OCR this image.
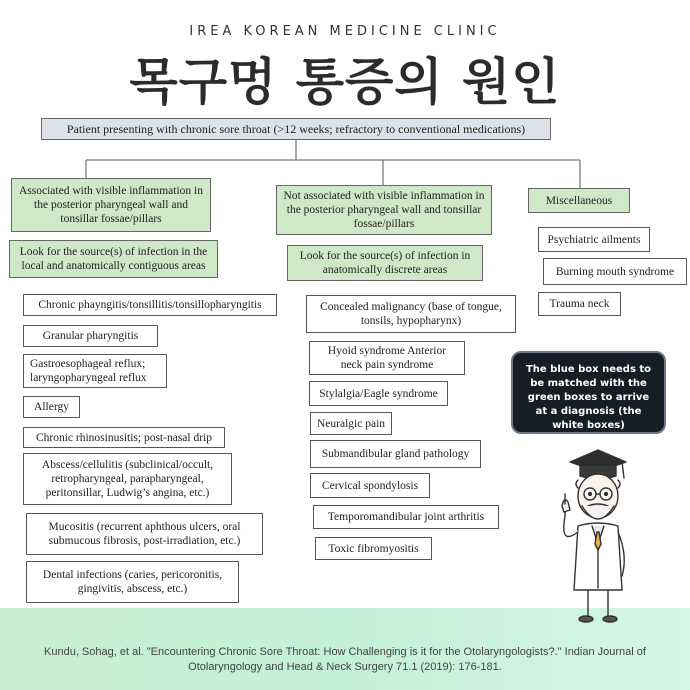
IREA KOREAN MEDICINE CLINIC
목구멍 통증의 원인
Patient presenting with chronic sore throat (>12 weeks; refractory to conventional medications)
Associated with visible inflammation in the posterior pharyngeal wall and tonsillar fossae/pillars
Look for the source(s) of infection in the local and anatomically contiguous areas
Chronic phayngitis/tonsillitis/tonsillopharyngitis
Granular pharyngitis
Gastroesophageal reflux; laryngopharyngeal reflux
Allergy
Chronic rhinosinusitis; post-nasal drip
Abscess/cellulitis (subclinical/occult, retropharyngeal, parapharyngeal, peritonsillar, Ludwig’s angina, etc.)
Mucositis (recurrent aphthous ulcers, oral submucous fibrosis, post-irradiation, etc.)
Dental infections (caries, pericoronitis, gingivitis, abscess, etc.)
Not associated with visible inflammation in the posterior pharyngeal wall and tonsillar fossae/pillars
Look for the source(s) of infection in anatomically discrete areas
Concealed malignancy (base of tongue, tonsils, hypopharynx)
Hyoid syndrome Anterior neck pain syndrome
Stylalgia/Eagle syndrome
Neuralgic pain
Submandibular gland pathology
Cervical spondylosis
Temporomandibular joint arthritis
Toxic fibromyositis
Miscellaneous
Psychiatric ailments
Burning mouth syndrome
Trauma neck
The blue box needs to be matched with the green boxes to arrive at a diagnosis (the white boxes)
Kundu, Sohag, et al. "Encountering Chronic Sore Throat: How Challenging is it for the Otolaryngologists?." Indian Journal of Otolaryngology and Head & Neck Surgery 71.1 (2019): 176-181.
